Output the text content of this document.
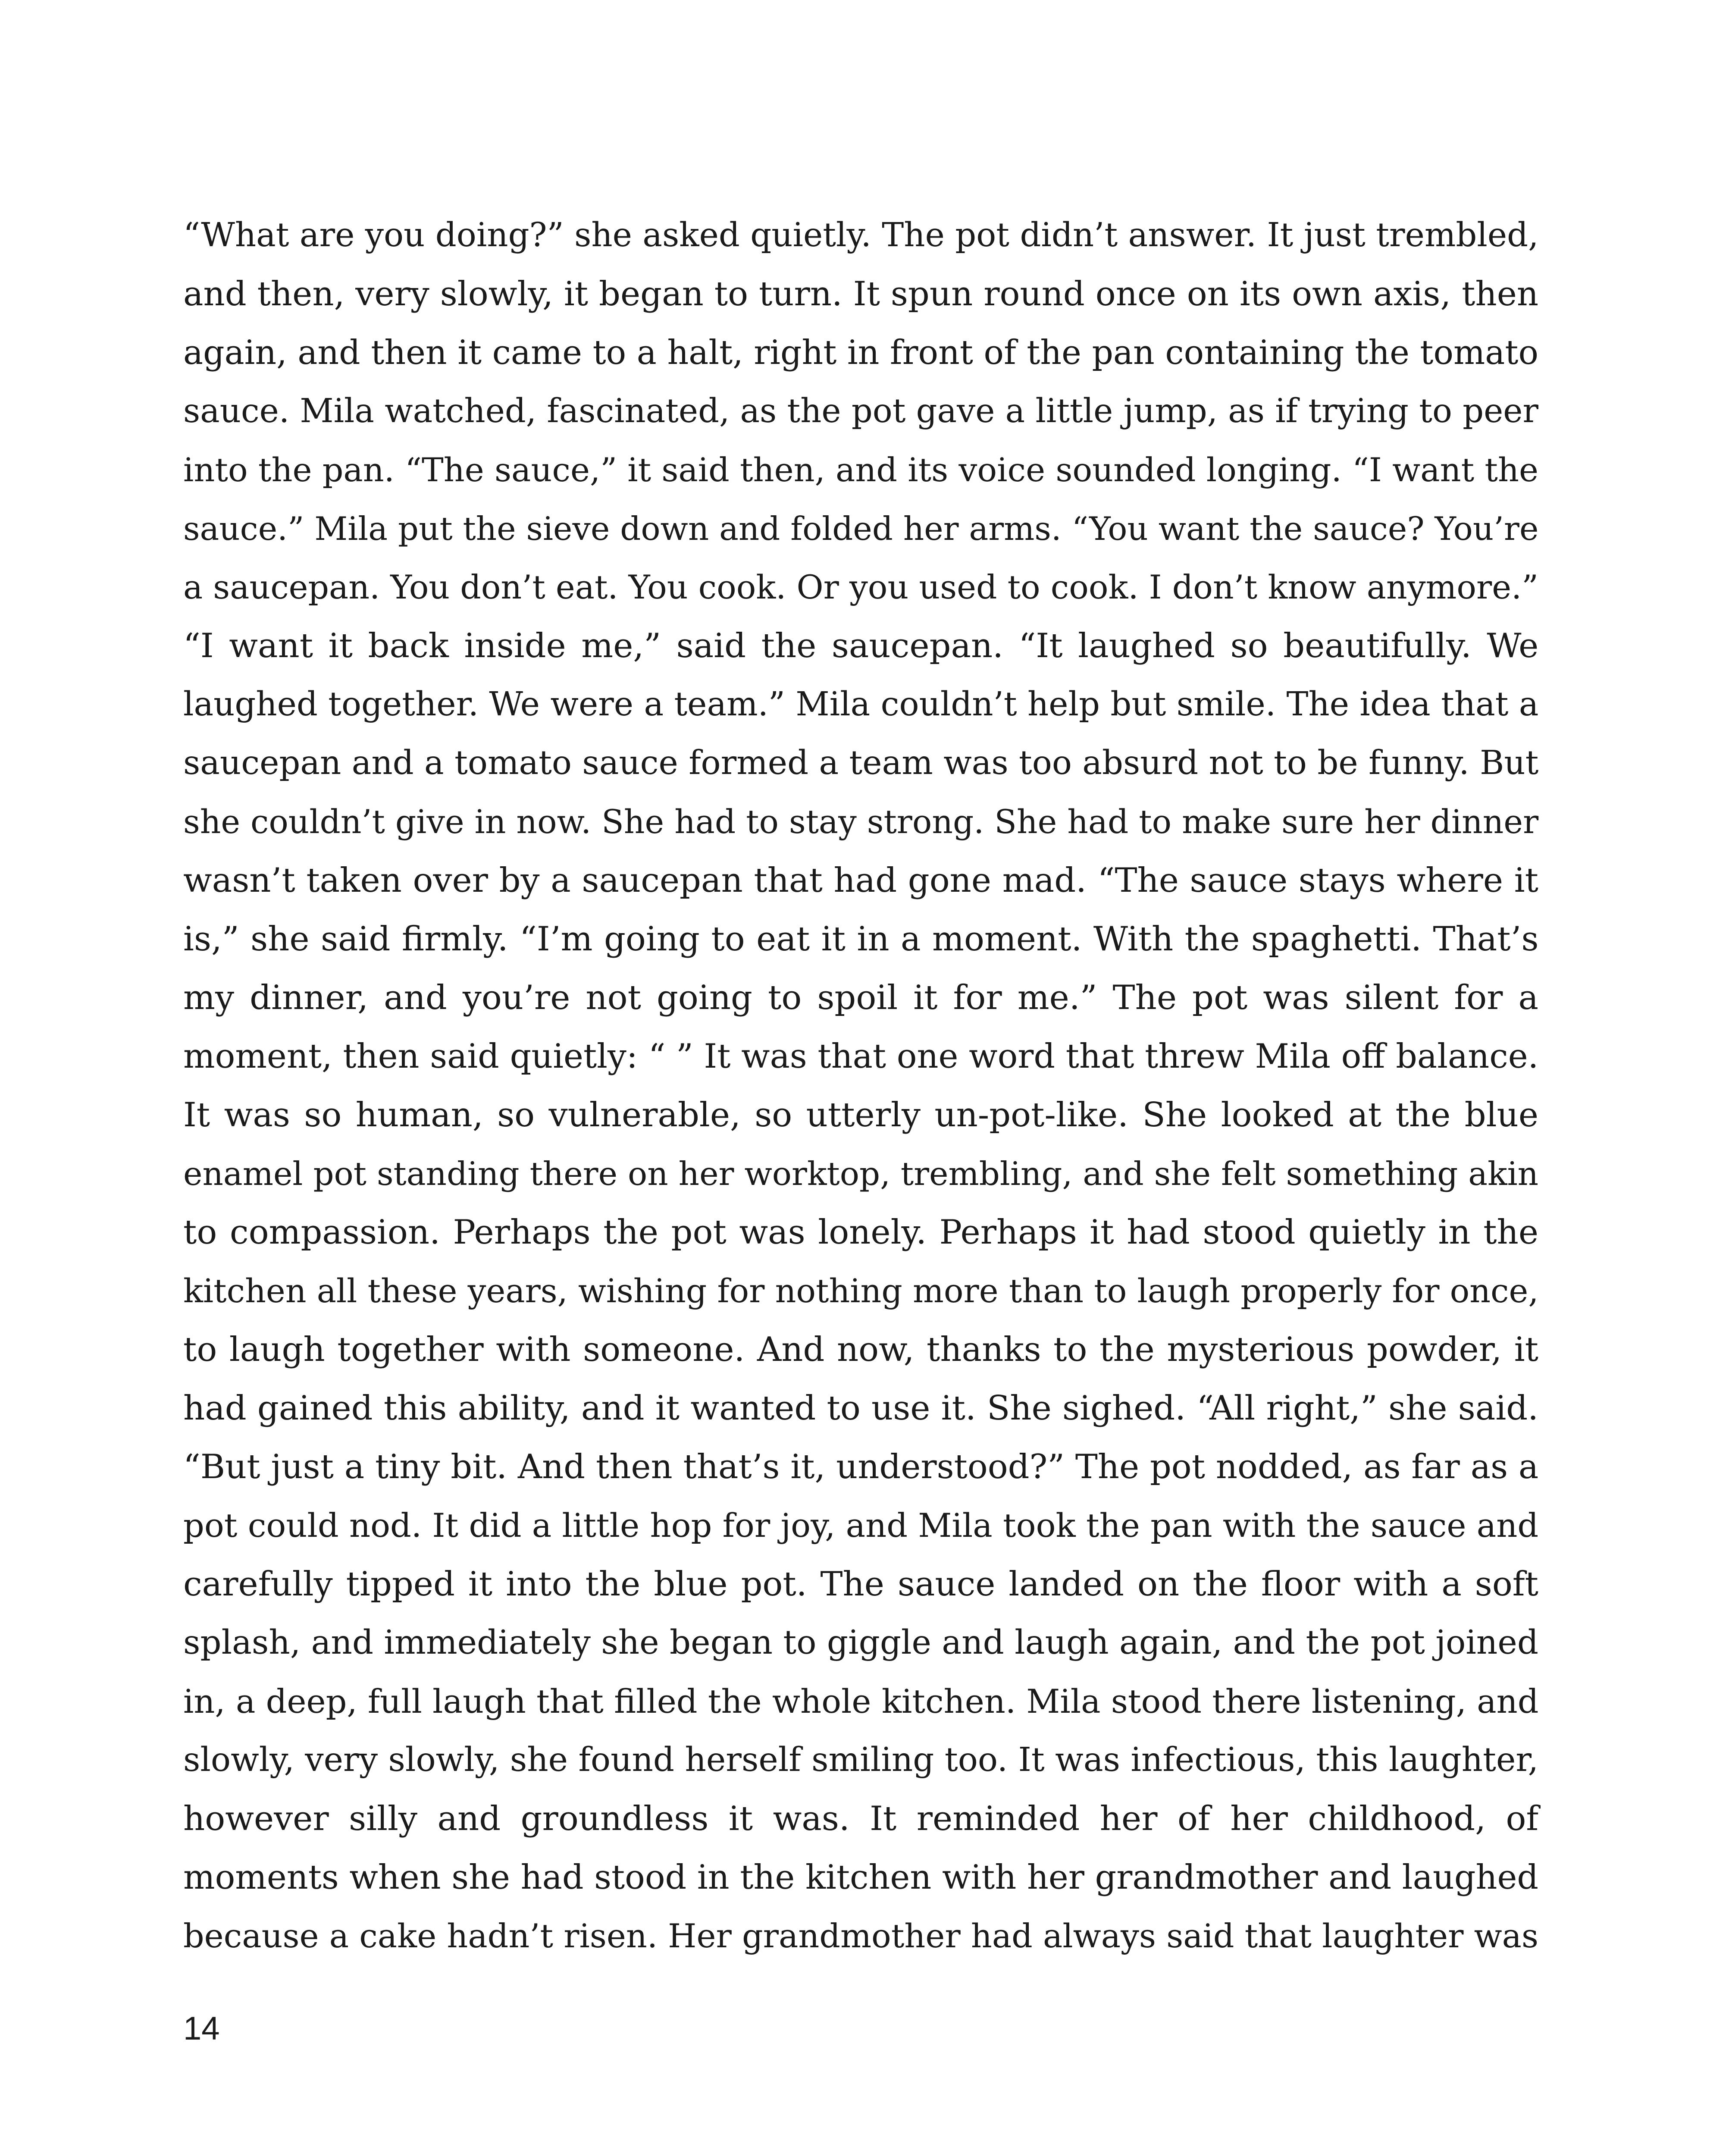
“What are you doing?” she asked quietly. The pot didn’t answer. It just trembled,
and then, very slowly, it began to turn. It spun round once on its own axis, then
again, and then it came to a halt, right in front of the pan containing the tomato
sauce. Mila watched, fascinated, as the pot gave a little jump, as if trying to peer
into the pan. “The sauce,” it said then, and its voice sounded longing. “I want the
sauce.” Mila put the sieve down and folded her arms. “You want the sauce? You’re
a saucepan. You don’t eat. You cook. Or you used to cook. I don’t know anymore.”
“I want it back inside me,” said the saucepan. “It laughed so beautifully. We
laughed together. We were a team.” Mila couldn’t help but smile. The idea that a
saucepan and a tomato sauce formed a team was too absurd not to be funny. But
she couldn’t give in now. She had to stay strong. She had to make sure her dinner
wasn’t taken over by a saucepan that had gone mad. “The sauce stays where it
is,” she said firmly. “I’m going to eat it in a moment. With the spaghetti. That’s
my dinner, and you’re not going to spoil it for me.” The pot was silent for a
moment, then said quietly: “ ” It was that one word that threw Mila off balance.
It was so human, so vulnerable, so utterly un-pot-like. She looked at the blue
enamel pot standing there on her worktop, trembling, and she felt something akin
to compassion. Perhaps the pot was lonely. Perhaps it had stood quietly in the
kitchen all these years, wishing for nothing more than to laugh properly for once,
to laugh together with someone. And now, thanks to the mysterious powder, it
had gained this ability, and it wanted to use it. She sighed. “All right,” she said.
“But just a tiny bit. And then that’s it, understood?” The pot nodded, as far as a
pot could nod. It did a little hop for joy, and Mila took the pan with the sauce and
carefully tipped it into the blue pot. The sauce landed on the floor with a soft
splash, and immediately she began to giggle and laugh again, and the pot joined
in, a deep, full laugh that filled the whole kitchen. Mila stood there listening, and
slowly, very slowly, she found herself smiling too. It was infectious, this laughter,
however silly and groundless it was. It reminded her of her childhood, of
moments when she had stood in the kitchen with her grandmother and laughed
because a cake hadn’t risen. Her grandmother had always said that laughter was
14
